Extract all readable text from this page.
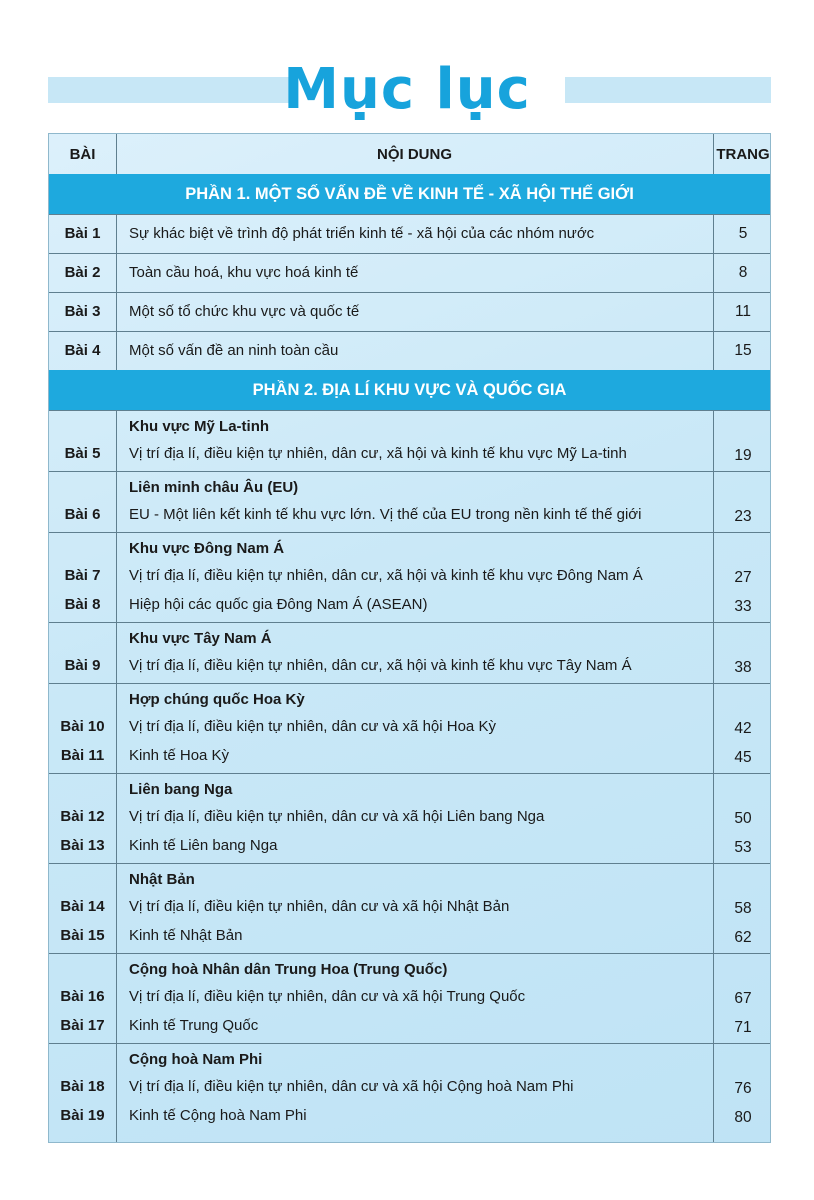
Mục lục
BÀI	NỘI DUNG	TRANG
PHẦN 1. MỘT SỐ VẤN ĐỀ VỀ KINH TẾ - XÃ HỘI THẾ GIỚI
Bài 1	Sự khác biệt về trình độ phát triển kinh tế - xã hội của các nhóm nước	5
Bài 2	Toàn cầu hoá, khu vực hoá kinh tế	8
Bài 3	Một số tổ chức khu vực và quốc tế	11
Bài 4	Một số vấn đề an ninh toàn cầu	15
PHẦN 2. ĐỊA LÍ KHU VỰC VÀ QUỐC GIA
Khu vực Mỹ La-tinh
Bài 5	Vị trí địa lí, điều kiện tự nhiên, dân cư, xã hội và kinh tế khu vực Mỹ La-tinh	19
Liên minh châu Âu (EU)
Bài 6	EU - Một liên kết kinh tế khu vực lớn. Vị thế của EU trong nền kinh tế thế giới	23
Khu vực Đông Nam Á
Bài 7	Vị trí địa lí, điều kiện tự nhiên, dân cư, xã hội và kinh tế khu vực Đông Nam Á	27
Bài 8	Hiệp hội các quốc gia Đông Nam Á (ASEAN)	33
Khu vực Tây Nam Á
Bài 9	Vị trí địa lí, điều kiện tự nhiên, dân cư, xã hội và kinh tế khu vực Tây Nam Á	38
Hợp chúng quốc Hoa Kỳ
Bài 10	Vị trí địa lí, điều kiện tự nhiên, dân cư và xã hội Hoa Kỳ	42
Bài 11	Kinh tế Hoa Kỳ	45
Liên bang Nga
Bài 12	Vị trí địa lí, điều kiện tự nhiên, dân cư và xã hội Liên bang Nga	50
Bài 13	Kinh tế Liên bang Nga	53
Nhật Bản
Bài 14	Vị trí địa lí, điều kiện tự nhiên, dân cư và xã hội Nhật Bản	58
Bài 15	Kinh tế Nhật Bản	62
Cộng hoà Nhân dân Trung Hoa (Trung Quốc)
Bài 16	Vị trí địa lí, điều kiện tự nhiên, dân cư và xã hội Trung Quốc	67
Bài 17	Kinh tế Trung Quốc	71
Cộng hoà Nam Phi
Bài 18	Vị trí địa lí, điều kiện tự nhiên, dân cư và xã hội Cộng hoà Nam Phi	76
Bài 19	Kinh tế Cộng hoà Nam Phi	80
